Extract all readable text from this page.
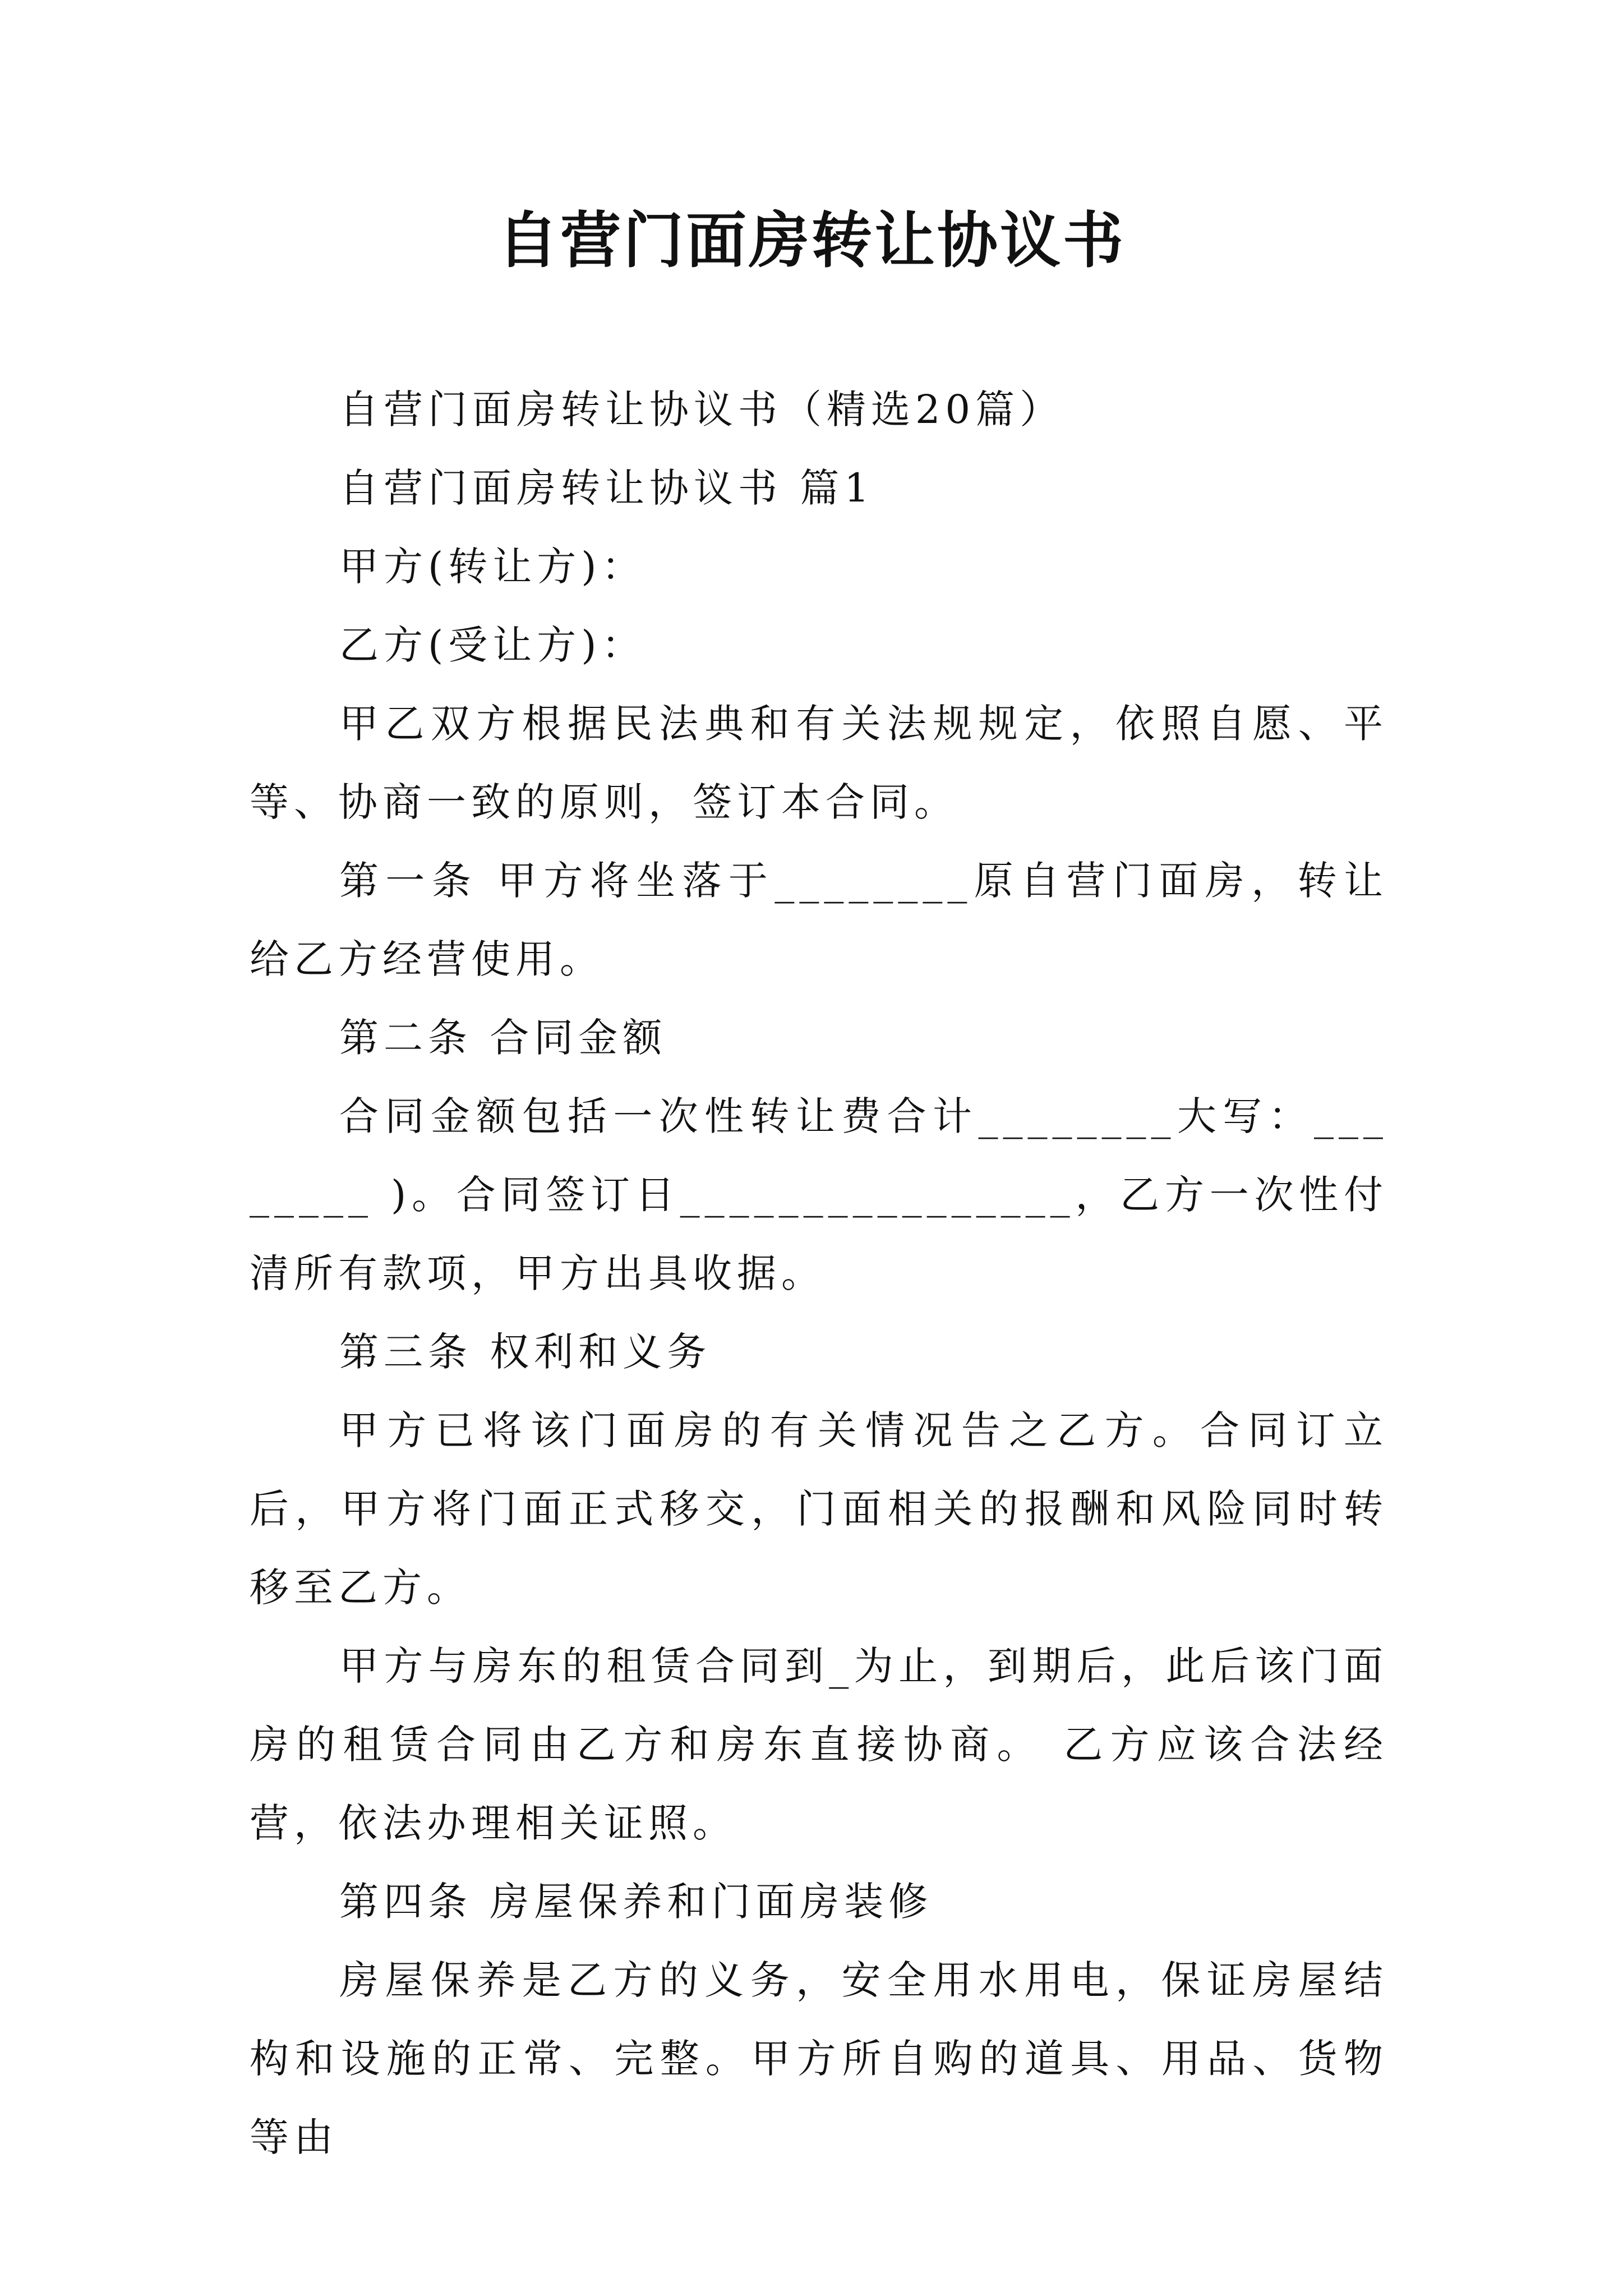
自营门面房转让协议书

自营门面房转让协议书（精选20篇）

自营门面房转让协议书 篇1

甲方(转让方)：

乙方(受让方)：

甲乙双方根据民法典和有关法规规定，依照自愿、平等、协商一致的原则，签订本合同。

第一条 甲方将坐落于________原自营门面房，转让给乙方经营使用。

第二条 合同金额

合同金额包括一次性转让费合计________大写：________ )。合同签订日________________，乙方一次性付清所有款项，甲方出具收据。

第三条 权利和义务

甲方已将该门面房的有关情况告之乙方。合同订立后，甲方将门面正式移交，门面相关的报酬和风险同时转移至乙方。

甲方与房东的租赁合同到_为止，到期后，此后该门面房的租赁合同由乙方和房东直接协商。 乙方应该合法经营，依法办理相关证照。

第四条 房屋保养和门面房装修

房屋保养是乙方的义务，安全用水用电，保证房屋结构和设施的正常、完整。甲方所自购的道具、用品、货物等由
